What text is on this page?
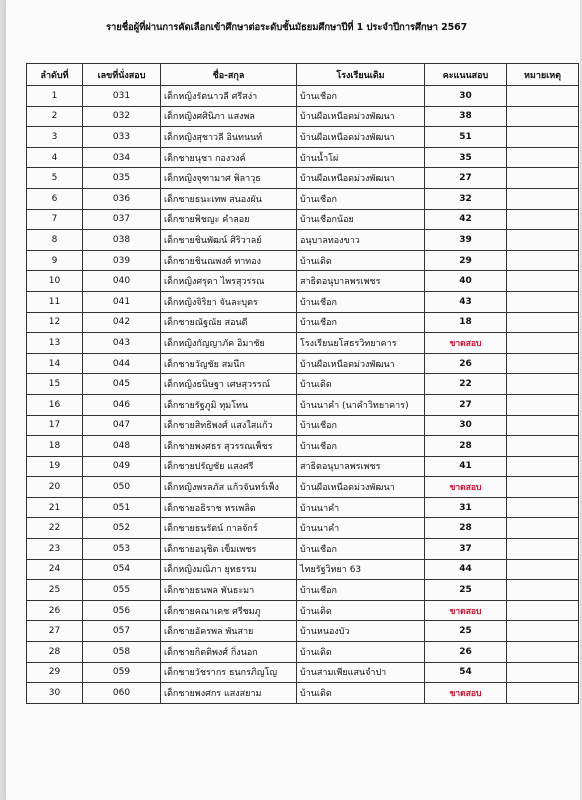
รายชื่อผู้ที่ผ่านการคัดเลือกเข้าศึกษาต่อระดับชั้นมัธยมศึกษาปีที่ 1 ประจำปีการศึกษา 2567
ลำดับที่	เลขที่นั่งสอบ	ชื่อ-สกุล	โรงเรียนเดิม	คะแนนสอบ	หมายเหตุ
1	031	เด็กหญิงรัตนาวลี ศรีสง่า	บ้านเชือก	30	
2	032	เด็กหญิงศศินิภา แสงพล	บ้านผือเหนือดม่วงพัฒนา	38	
3	033	เด็กหญิงสุชาวลี อินทนนท์	บ้านผือเหนือดม่วงพัฒนา	51	
4	034	เด็กชายนุชา กองวงค์	บ้านน้ำโผ่	35	
5	035	เด็กหญิงจุฑามาศ พิลาวุธ	บ้านผือเหนือดม่วงพัฒนา	27	
6	036	เด็กชายธนะเทพ สนองผัน	บ้านเชือก	32	
7	037	เด็กชายพิชญะ คำลอย	บ้านเชือกน้อย	42	
8	038	เด็กชายชินพัฒน์ ศิริวาลย์	อนุบาลทองขาว	39	
9	039	เด็กชายชินณพงศ์ ทาทอง	บ้านเดิด	29	
10	040	เด็กหญิงศรุดา ไพรสุวรรณ	สาธิตอนุบาลพรเพชร	40	
11	041	เด็กหญิงจิริยา จันละบุตร	บ้านเชือก	43	
12	042	เด็กชายณัฐณัย สอนดี	บ้านเชือก	18	
13	043	เด็กหญิงกัญญาภัค อิมาชัย	โรงเรียนยโสธรวิทยาคาร	ขาดสอบ	
14	044	เด็กชายวัญชัย สมนึก	บ้านผือเหนือดม่วงพัฒนา	26	
15	045	เด็กหญิงธนิษฐา เศษสุวรรณ์	บ้านเดิด	22	
16	046	เด็กชายรัฐภูมิ ทุมโทน	บ้านนาคำ (นาคำวิทยาคาร)	27	
17	047	เด็กชายสิทธิพงศ์ แสงใสแก้ว	บ้านเชือก	30	
18	048	เด็กชายพงศธร สุวรรณเพ็ชร	บ้านเชือก	28	
19	049	เด็กชายปรัญชัย แสงศรี	สาธิตอนุบาลพรเพชร	41	
20	050	เด็กหญิงพรลภัส แก้วจันทร์เพ็ง	บ้านผือเหนือดม่วงพัฒนา	ขาดสอบ	
21	051	เด็กชายอธิราช หรเพลิด	บ้านนาคำ	31	
22	052	เด็กชายธนรัตน์ กาลจักร์	บ้านนาคำ	28	
23	053	เด็กชายอนุชิต เข็มเพชร	บ้านเชือก	37	
24	054	เด็กหญิงมณิภา ยุทธรรม	ไทยรัฐวิทยา 63	44	
25	055	เด็กชายธนพล พันธะมา	บ้านเชือก	25	
26	056	เด็กชายคณาเดช ศรีชมภู	บ้านเดิด	ขาดสอบ	
27	057	เด็กชายอัครพล พันสาย	บ้านหนองบัว	25	
28	058	เด็กชายกิตติพงศ์ กิ่งนอก	บ้านเดิด	26	
29	059	เด็กชายวัชรากร ธนกรภิญโญ	บ้านสามเพียแสนจำปา	54	
30	060	เด็กชายพงศกร แสงสยาม	บ้านเดิด	ขาดสอบ	
